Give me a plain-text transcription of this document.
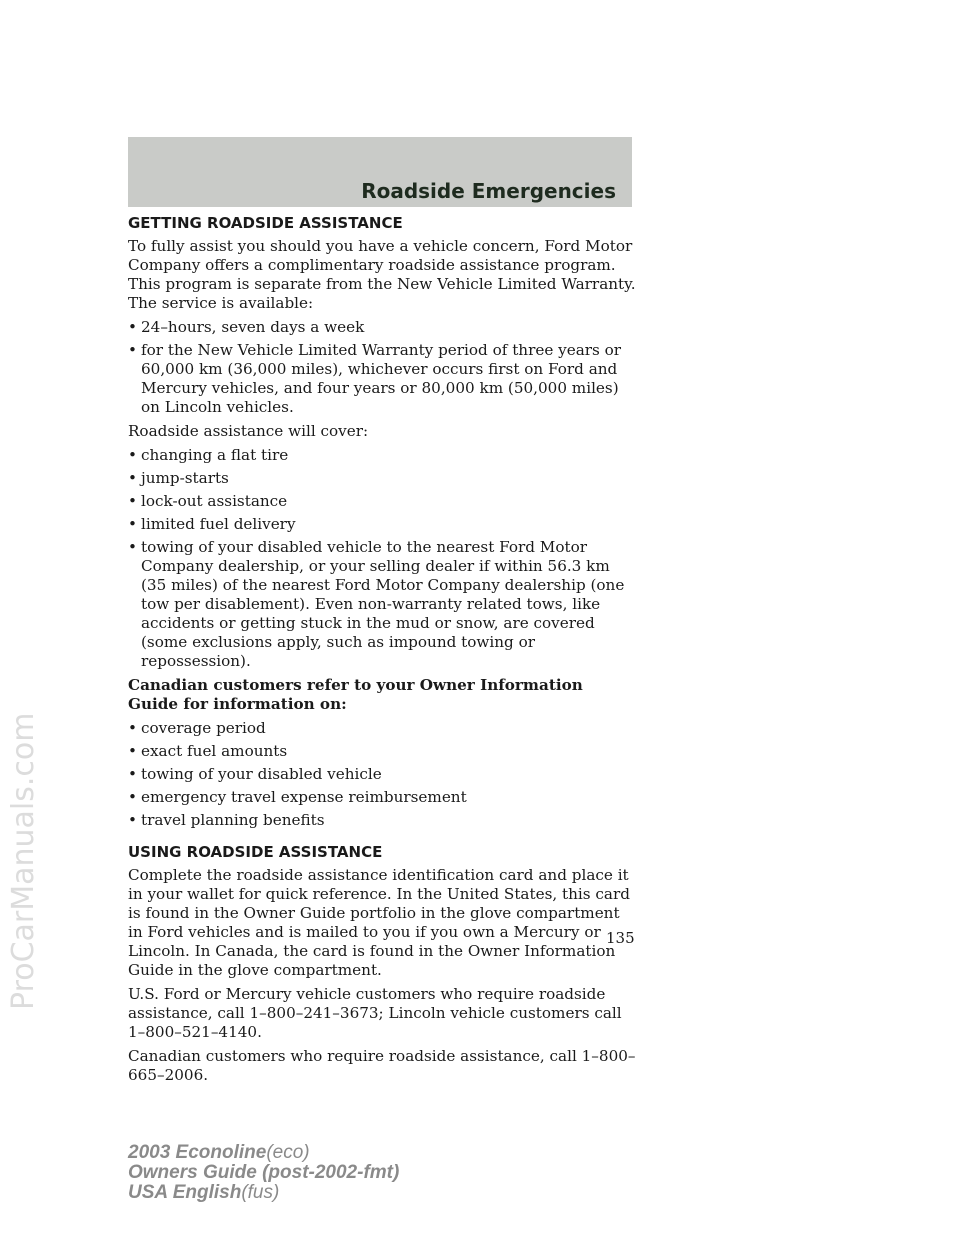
Roadside Emergencies
GETTING ROADSIDE ASSISTANCE

To fully assist you should you have a vehicle concern, Ford Motor Company offers a complimentary roadside assistance program. This program is separate from the New Vehicle Limited Warranty. The service is available:

• 24–hours, seven days a week
• for the New Vehicle Limited Warranty period of three years or 60,000 km (36,000 miles), whichever occurs first on Ford and Mercury vehicles, and four years or 80,000 km (50,000 miles) on Lincoln vehicles.

Roadside assistance will cover:

• changing a flat tire
• jump-starts
• lock-out assistance
• limited fuel delivery
• towing of your disabled vehicle to the nearest Ford Motor Company dealership, or your selling dealer if within 56.3 km (35 miles) of the nearest Ford Motor Company dealership (one tow per disablement). Even non-warranty related tows, like accidents or getting stuck in the mud or snow, are covered (some exclusions apply, such as impound towing or repossession).

Canadian customers refer to your Owner Information Guide for information on:

• coverage period
• exact fuel amounts
• towing of your disabled vehicle
• emergency travel expense reimbursement
• travel planning benefits
USING ROADSIDE ASSISTANCE

Complete the roadside assistance identification card and place it in your wallet for quick reference. In the United States, this card is found in the Owner Guide portfolio in the glove compartment in Ford vehicles and is mailed to you if you own a Mercury or Lincoln. In Canada, the card is found in the Owner Information Guide in the glove compartment.

U.S. Ford or Mercury vehicle customers who require roadside assistance, call 1–800–241–3673; Lincoln vehicle customers call 1–800–521–4140.

Canadian customers who require roadside assistance, call 1–800–665–2006.

135
2003 Econoline(eco)
Owners Guide (post-2002-fmt)
USA English(fus)
ProCarManuals.com
